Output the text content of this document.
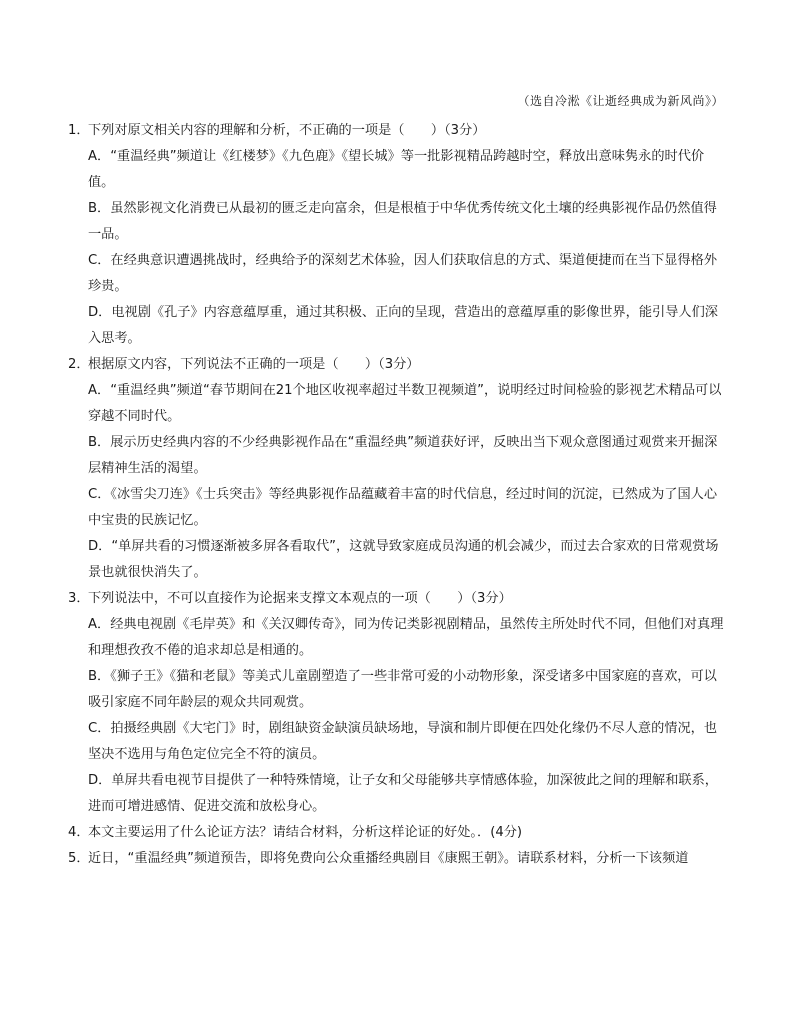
（选自冷淞《让逝经典成为新风尚》）
1．
下列对原文相关内容的理解和分析，不正确的一项是（　　）（3分）
A．“重温经典”频道让《红楼梦》《九色鹿》《望长城》等一批影视精品跨越时空，释放出意味隽永的时代价值。
B．虽然影视文化消费已从最初的匮乏走向富余，但是根植于中华优秀传统文化土壤的经典影视作品仍然值得一品。
C．在经典意识遭遇挑战时，经典给予的深刻艺术体验，因人们获取信息的方式、渠道便捷而在当下显得格外珍贵。
D．电视剧《孔子》内容意蕴厚重，通过其积极、正向的呈现，营造出的意蕴厚重的影像世界，能引导人们深入思考。
2．
根据原文内容，下列说法不正确的一项是（　　）（3分）
A．“重温经典”频道“春节期间在21个地区收视率超过半数卫视频道”，说明经过时间检验的影视艺术精品可以穿越不同时代。
B．展示历史经典内容的不少经典影视作品在“重温经典”频道获好评，反映出当下观众意图通过观赏来开掘深层精神生活的渴望。
C．《冰雪尖刀连》《士兵突击》等经典影视作品蕴藏着丰富的时代信息，经过时间的沉淀，已然成为了国人心中宝贵的民族记忆。
D．“单屏共看的习惯逐渐被多屏各看取代”，这就导致家庭成员沟通的机会减少，而过去合家欢的日常观赏场景也就很快消失了。
3．
下列说法中，不可以直接作为论据来支撑文本观点的一项（　　）（3分）
A．经典电视剧《毛岸英》和《关汉卿传奇》，同为传记类影视剧精品，虽然传主所处时代不同，但他们对真理和理想孜孜不倦的追求却总是相通的。
B．《狮子王》《猫和老鼠》等美式儿童剧塑造了一些非常可爱的小动物形象，深受诸多中国家庭的喜欢，可以吸引家庭不同年龄层的观众共同观赏。
C．拍摄经典剧《大宅门》时，剧组缺资金缺演员缺场地，导演和制片即便在四处化缘仍不尽人意的情况，也坚决不选用与角色定位完全不符的演员。
D．单屏共看电视节目提供了一种特殊情境，让子女和父母能够共享情感体验，加深彼此之间的理解和联系，进而可增进感情、促进交流和放松身心。
4．
本文主要运用了什么论证方法？请结合材料，分析这样论证的好处。．(4分)
5．
近日，“重温经典”频道预告，即将免费向公众重播经典剧目《康熙王朝》。请联系材料，分析一下该频道
